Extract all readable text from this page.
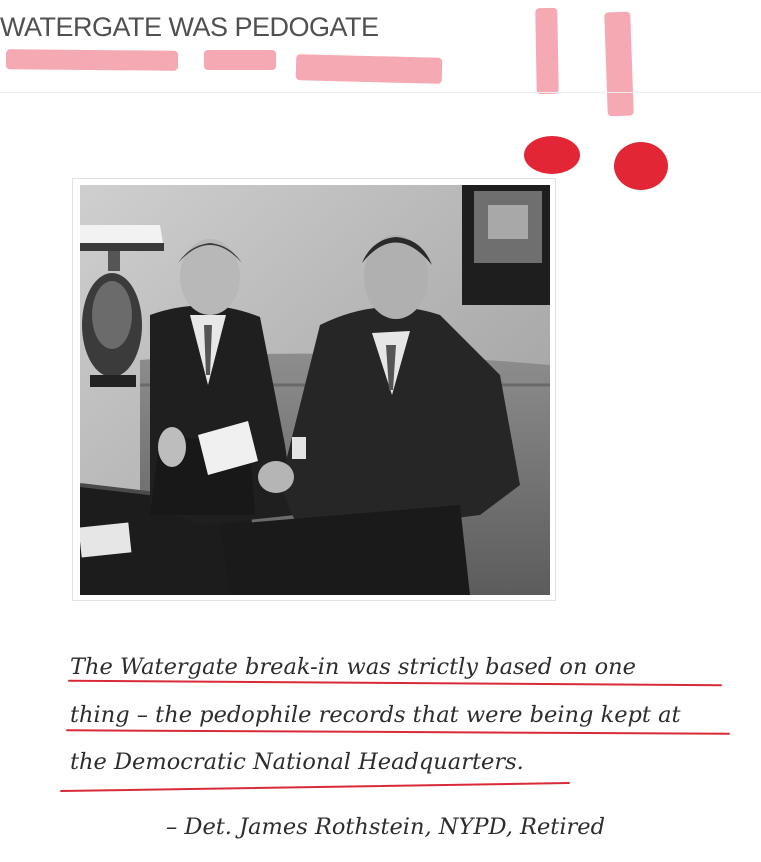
WATERGATE WAS PEDOGATE

The Watergate break-in was strictly based on one
thing – the pedophile records that were being kept at
the Democratic National Headquarters.

– Det. James Rothstein, NYPD, Retired
